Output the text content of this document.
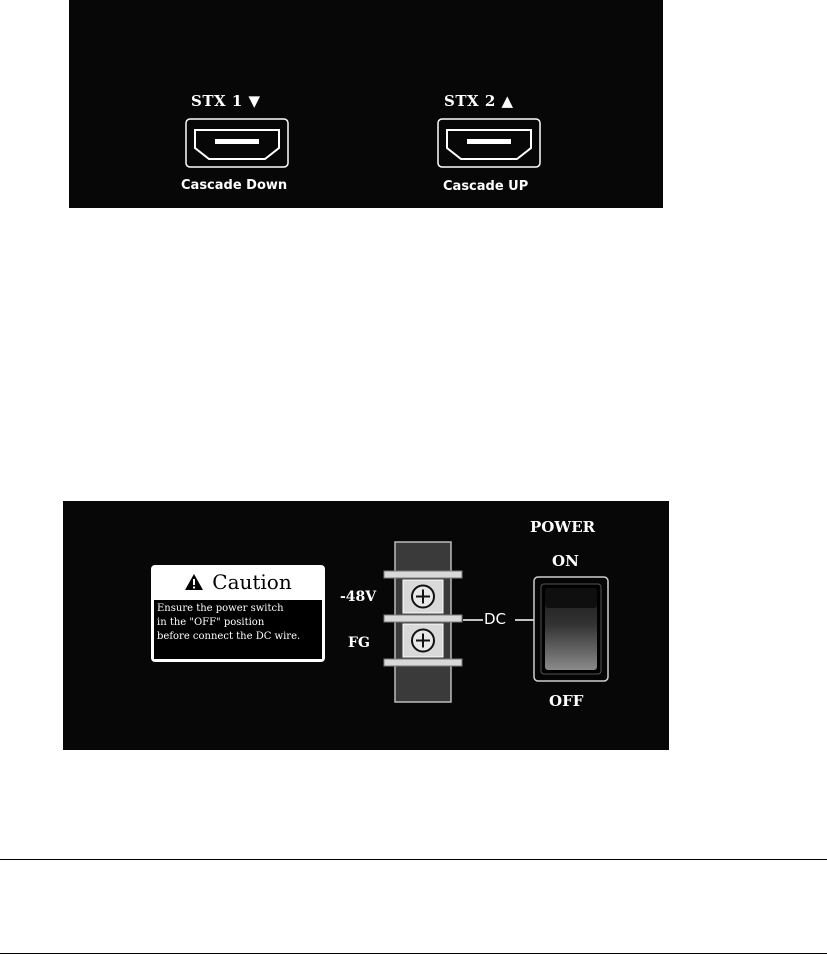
STX 1 ▼
Cascade Down
STX 2 ▲
Cascade UP
Caution
Ensure the power switch
in the "OFF" position
before connect the DC wire.
-48V
FG
DC
POWER
ON
OFF
